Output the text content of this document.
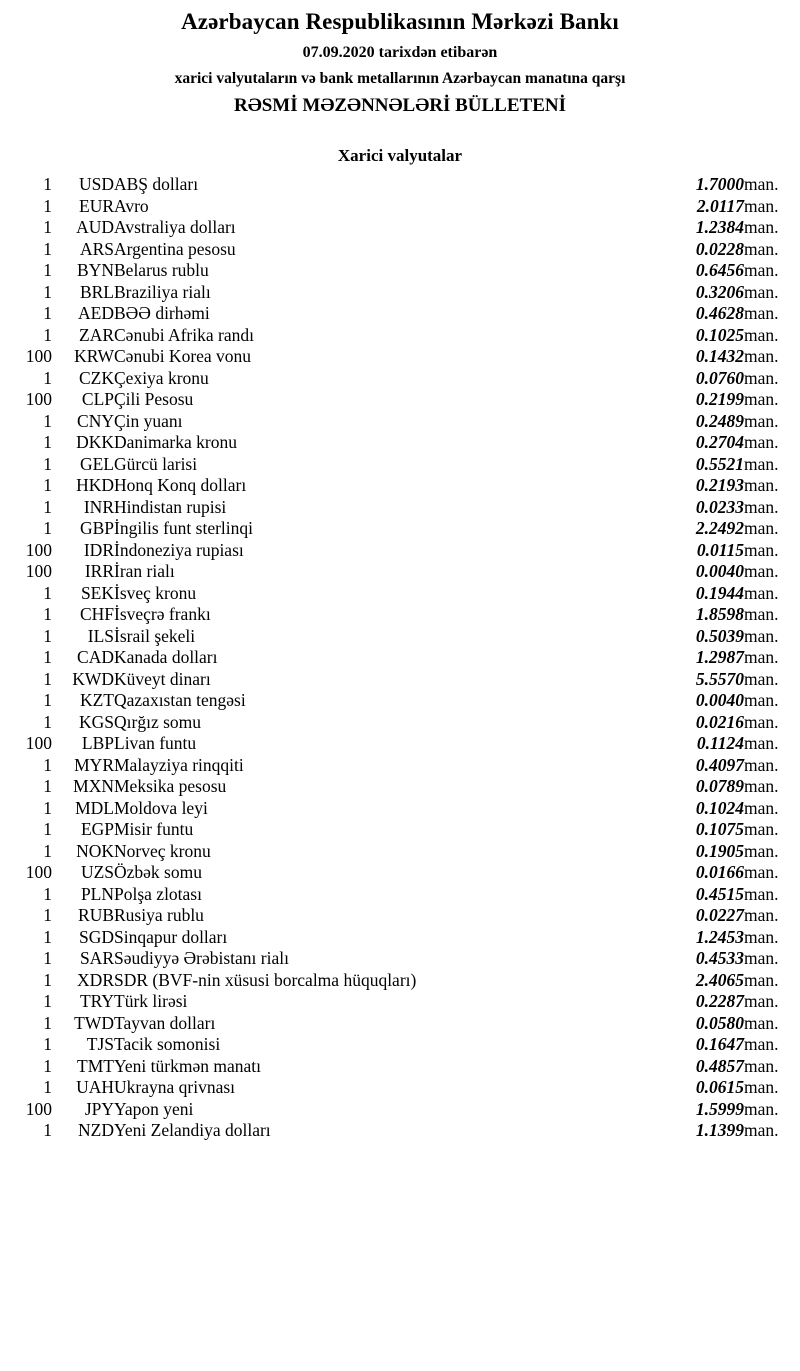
Azərbaycan Respublikasının Mərkəzi Bankı
07.09.2020 tarixdən etibarən
xarici valyutaların və bank metallarının Azərbaycan manatına qarşı
RƏSMİ MƏZƏNNƏLƏRİ BÜLLETENİ
Xarici valyutalar
1	USD	ABŞ dolları	1.7000	man.
1	EUR	Avro	2.0117	man.
1	AUD	Avstraliya dolları	1.2384	man.
1	ARS	Argentina pesosu	0.0228	man.
1	BYN	Belarus rublu	0.6456	man.
1	BRL	Braziliya rialı	0.3206	man.
1	AED	BƏƏ dirhəmi	0.4628	man.
1	ZAR	Cənubi Afrika randı	0.1025	man.
100	KRW	Cənubi Korea vonu	0.1432	man.
1	CZK	Çexiya kronu	0.0760	man.
100	CLP	Çili Pesosu	0.2199	man.
1	CNY	Çin yuanı	0.2489	man.
1	DKK	Danimarka kronu	0.2704	man.
1	GEL	Gürcü larisi	0.5521	man.
1	HKD	Honq Konq dolları	0.2193	man.
1	INR	Hindistan rupisi	0.0233	man.
1	GBP	İngilis funt sterlinqi	2.2492	man.
100	IDR	İndoneziya rupiası	0.0115	man.
100	IRR	İran rialı	0.0040	man.
1	SEK	İsveç kronu	0.1944	man.
1	CHF	İsveçrə frankı	1.8598	man.
1	ILS	İsrail şekeli	0.5039	man.
1	CAD	Kanada dolları	1.2987	man.
1	KWD	Küveyt dinarı	5.5570	man.
1	KZT	Qazaxıstan tengəsi	0.0040	man.
1	KGS	Qırğız somu	0.0216	man.
100	LBP	Livan funtu	0.1124	man.
1	MYR	Malayziya rinqqiti	0.4097	man.
1	MXN	Meksika pesosu	0.0789	man.
1	MDL	Moldova leyi	0.1024	man.
1	EGP	Misir funtu	0.1075	man.
1	NOK	Norveç kronu	0.1905	man.
100	UZS	Özbək somu	0.0166	man.
1	PLN	Polşa zlotası	0.4515	man.
1	RUB	Rusiya rublu	0.0227	man.
1	SGD	Sinqapur dolları	1.2453	man.
1	SAR	Səudiyyə Ərəbistanı rialı	0.4533	man.
1	XDR	SDR (BVF-nin xüsusi borcalma hüquqları)	2.4065	man.
1	TRY	Türk lirəsi	0.2287	man.
1	TWD	Tayvan dolları	0.0580	man.
1	TJS	Tacik somonisi	0.1647	man.
1	TMT	Yeni türkmən manatı	0.4857	man.
1	UAH	Ukrayna qrivnası	0.0615	man.
100	JPY	Yapon yeni	1.5999	man.
1	NZD	Yeni Zelandiya dolları	1.1399	man.
